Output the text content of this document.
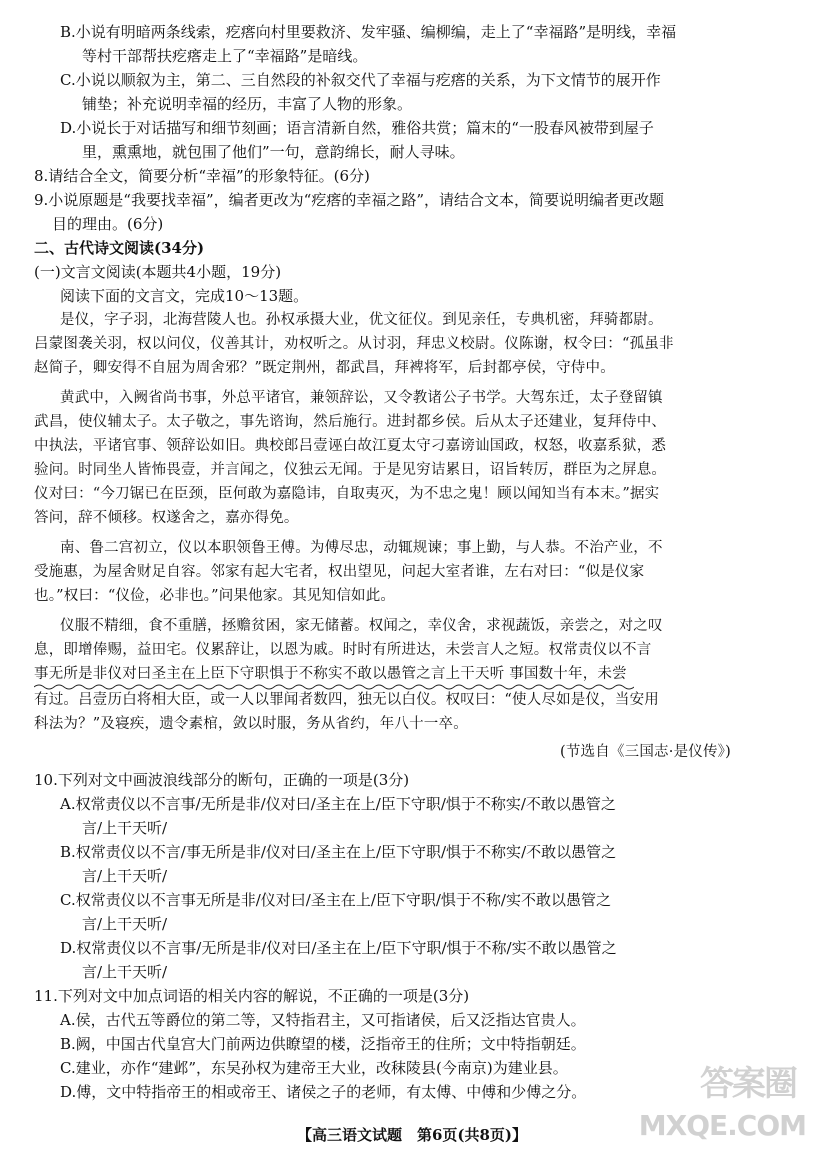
B.小说有明暗两条线索，疙瘩向村里要救济、发牢骚、编柳编，走上了“幸福路”是明线，幸福
等村干部帮扶疙瘩走上了“幸福路”是暗线。
C.小说以顺叙为主，第二、三自然段的补叙交代了幸福与疙瘩的关系，为下文情节的展开作
铺垫；补充说明幸福的经历，丰富了人物的形象。
D.小说长于对话描写和细节刻画；语言清新自然，雅俗共赏；篇末的“一股春风被带到屋子
里，熏熏地，就包围了他们”一句，意韵绵长，耐人寻味。
8.请结合全文，简要分析“幸福”的形象特征。(6分)
9.小说原题是“我要找幸福”，编者更改为“疙瘩的幸福之路”，请结合文本，简要说明编者更改题
目的理由。(6分)
二、古代诗文阅读(34分)
(一)文言文阅读(本题共4小题，19分)
阅读下面的文言文，完成10～13题。
是仪，字子羽，北海营陵人也。孙权承摄大业，优文征仪。到见亲任，专典机密，拜骑都尉。
吕蒙图袭关羽，权以问仪，仪善其计，劝权听之。从讨羽，拜忠义校尉。仪陈谢，权令曰：“孤虽非
赵简子，卿安得不自屈为周舍邪？”既定荆州，都武昌，拜裨将军，后封都亭侯，守侍中。
黄武中，入阙省尚书事，外总平诸官，兼领辞讼，又令教诸公子书学。大驾东迁，太子登留镇
武昌，使仪辅太子。太子敬之，事先谘询，然后施行。进封都乡侯。后从太子还建业，复拜侍中、
中执法，平诸官事、领辞讼如旧。典校郎吕壹诬白故江夏太守刁嘉谤讪国政，权怒，收嘉系狱，悉
验问。时同坐人皆怖畏壹，并言闻之，仪独云无闻。于是见穷诘累日，诏旨转厉，群臣为之屏息。
仪对曰：“今刀锯已在臣颈，臣何敢为嘉隐讳，自取夷灭，为不忠之鬼！顾以闻知当有本末。”据实
答问，辞不倾移。权遂舍之，嘉亦得免。
南、鲁二宫初立，仪以本职领鲁王傅。为傅尽忠，动辄规谏；事上勤，与人恭。不治产业，不
受施惠，为屋舍财足自容。邻家有起大宅者，权出望见，问起大室者谁，左右对曰：“似是仪家
也。”权曰：“仪俭，必非也。”问果他家。其见知信如此。
仪服不精细，食不重膳，拯赡贫困，家无储蓄。权闻之，幸仪舍，求视蔬饭，亲尝之，对之叹
息，即增俸赐，益田宅。仪累辞让，以恩为戚。时时有所进达，未尝言人之短。权常责仪以不言
事无所是非仪对曰圣主在上臣下守职惧于不称实不敢以愚管之言上干天听 事国数十年，未尝
有过。吕壹历白将相大臣，或一人以罪闻者数四，独无以白仪。权叹曰：“使人尽如是仪，当安用
科法为？”及寝疾，遗令素棺，敛以时服，务从省约，年八十一卒。
(节选自《三国志·是仪传》)
10.下列对文中画波浪线部分的断句，正确的一项是(3分)
A.权常责仪以不言事/无所是非/仪对曰/圣主在上/臣下守职/惧于不称实/不敢以愚管之
言/上干天听/
B.权常责仪以不言/事无所是非/仪对曰/圣主在上/臣下守职/惧于不称实/不敢以愚管之
言/上干天听/
C.权常责仪以不言事无所是非/仪对曰/圣主在上/臣下守职/惧于不称/实不敢以愚管之
言/上干天听/
D.权常责仪以不言事/无所是非/仪对曰/圣主在上/臣下守职/惧于不称/实不敢以愚管之
言/上干天听/
11.下列对文中加点词语的相关内容的解说，不正确的一项是(3分)
A.侯，古代五等爵位的第二等，又特指君主，又可指诸侯，后又泛指达官贵人。
B.阙，中国古代皇宫大门前两边供瞭望的楼，泛指帝王的住所；文中特指朝廷。
C.建业，亦作“建邺”，东吴孙权为建帝王大业，改秣陵县(今南京)为建业县。
D.傅，文中特指帝王的相或帝王、诸侯之子的老师，有太傅、中傅和少傅之分。
【高三语文试题　第6页(共8页)】
答案圈
MXQE.COM
